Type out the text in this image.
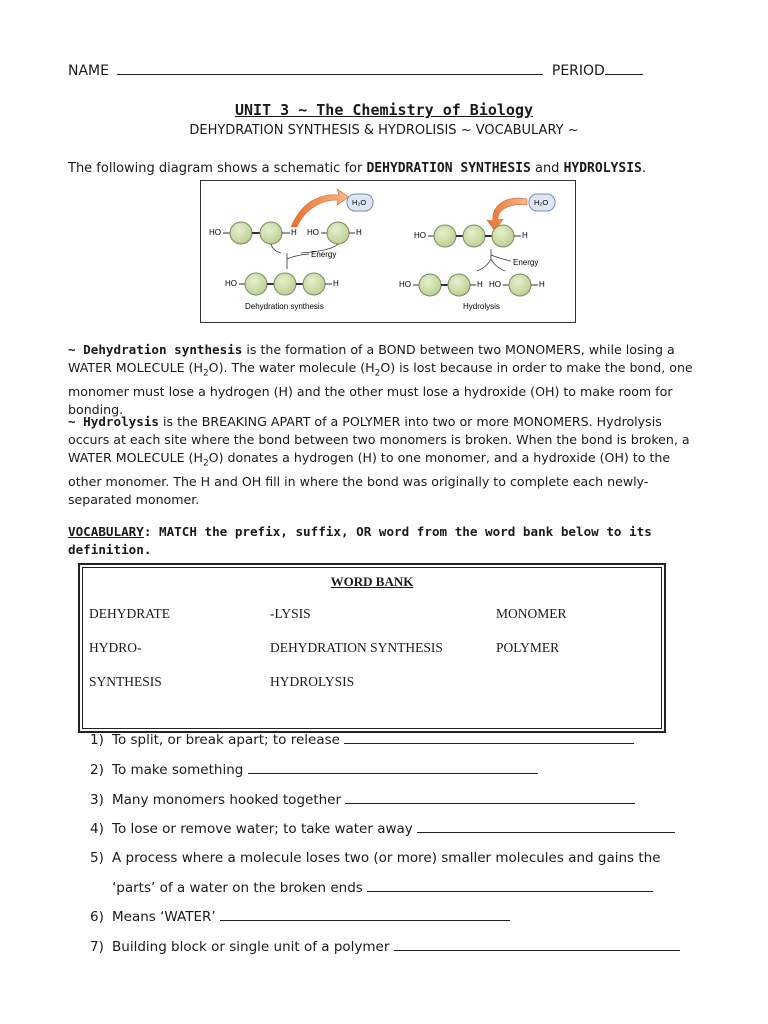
NAME	PERIOD
UNIT 3 ~ The Chemistry of Biology
DEHYDRATION SYNTHESIS & HYDROLISIS ~ VOCABULARY ~
The following diagram shows a schematic for DEHYDRATION SYNTHESIS and HYDROLYSIS.
HO	H HO	H
H₂O
Energy
HO	H
Dehydration synthesis
H₂O
HO	H
Energy
HO	H HO	H
Hydrolysis
~ Dehydration synthesis is the formation of a BOND between two MONOMERS, while losing a
WATER MOLECULE $(H_2O)$. The water molecule $(H_2O)$ is lost because in order to make the bond, one
monomer must lose a hydrogen (H) and the other must lose a hydroxide (OH) to make room for
bonding.
~ Hydrolysis is the BREAKING APART of a POLYMER into two or more MONOMERS. Hydrolysis
occurs at each site where the bond between two monomers is broken. When the bond is broken, a
WATER MOLECULE $(H_2O)$ donates a hydrogen (H) to one monomer, and a hydroxide (OH) to the
other monomer. The H and OH fill in where the bond was originally to complete each newly-
separated monomer.
VOCABULARY: MATCH the prefix, suffix, OR word from the word bank below to its
definition.
WORD BANK
DEHYDRATE	-LYSIS	MONOMER
HYDRO-	DEHYDRATION SYNTHESIS	POLYMER
SYNTHESIS	HYDROLYSIS
1) To split, or break apart; to release
2) To make something
3) Many monomers hooked together
4) To lose or remove water; to take water away
5) A process where a molecule loses two (or more) smaller molecules and gains the
‘parts’ of a water on the broken ends
6) Means ‘WATER’
7) Building block or single unit of a polymer
